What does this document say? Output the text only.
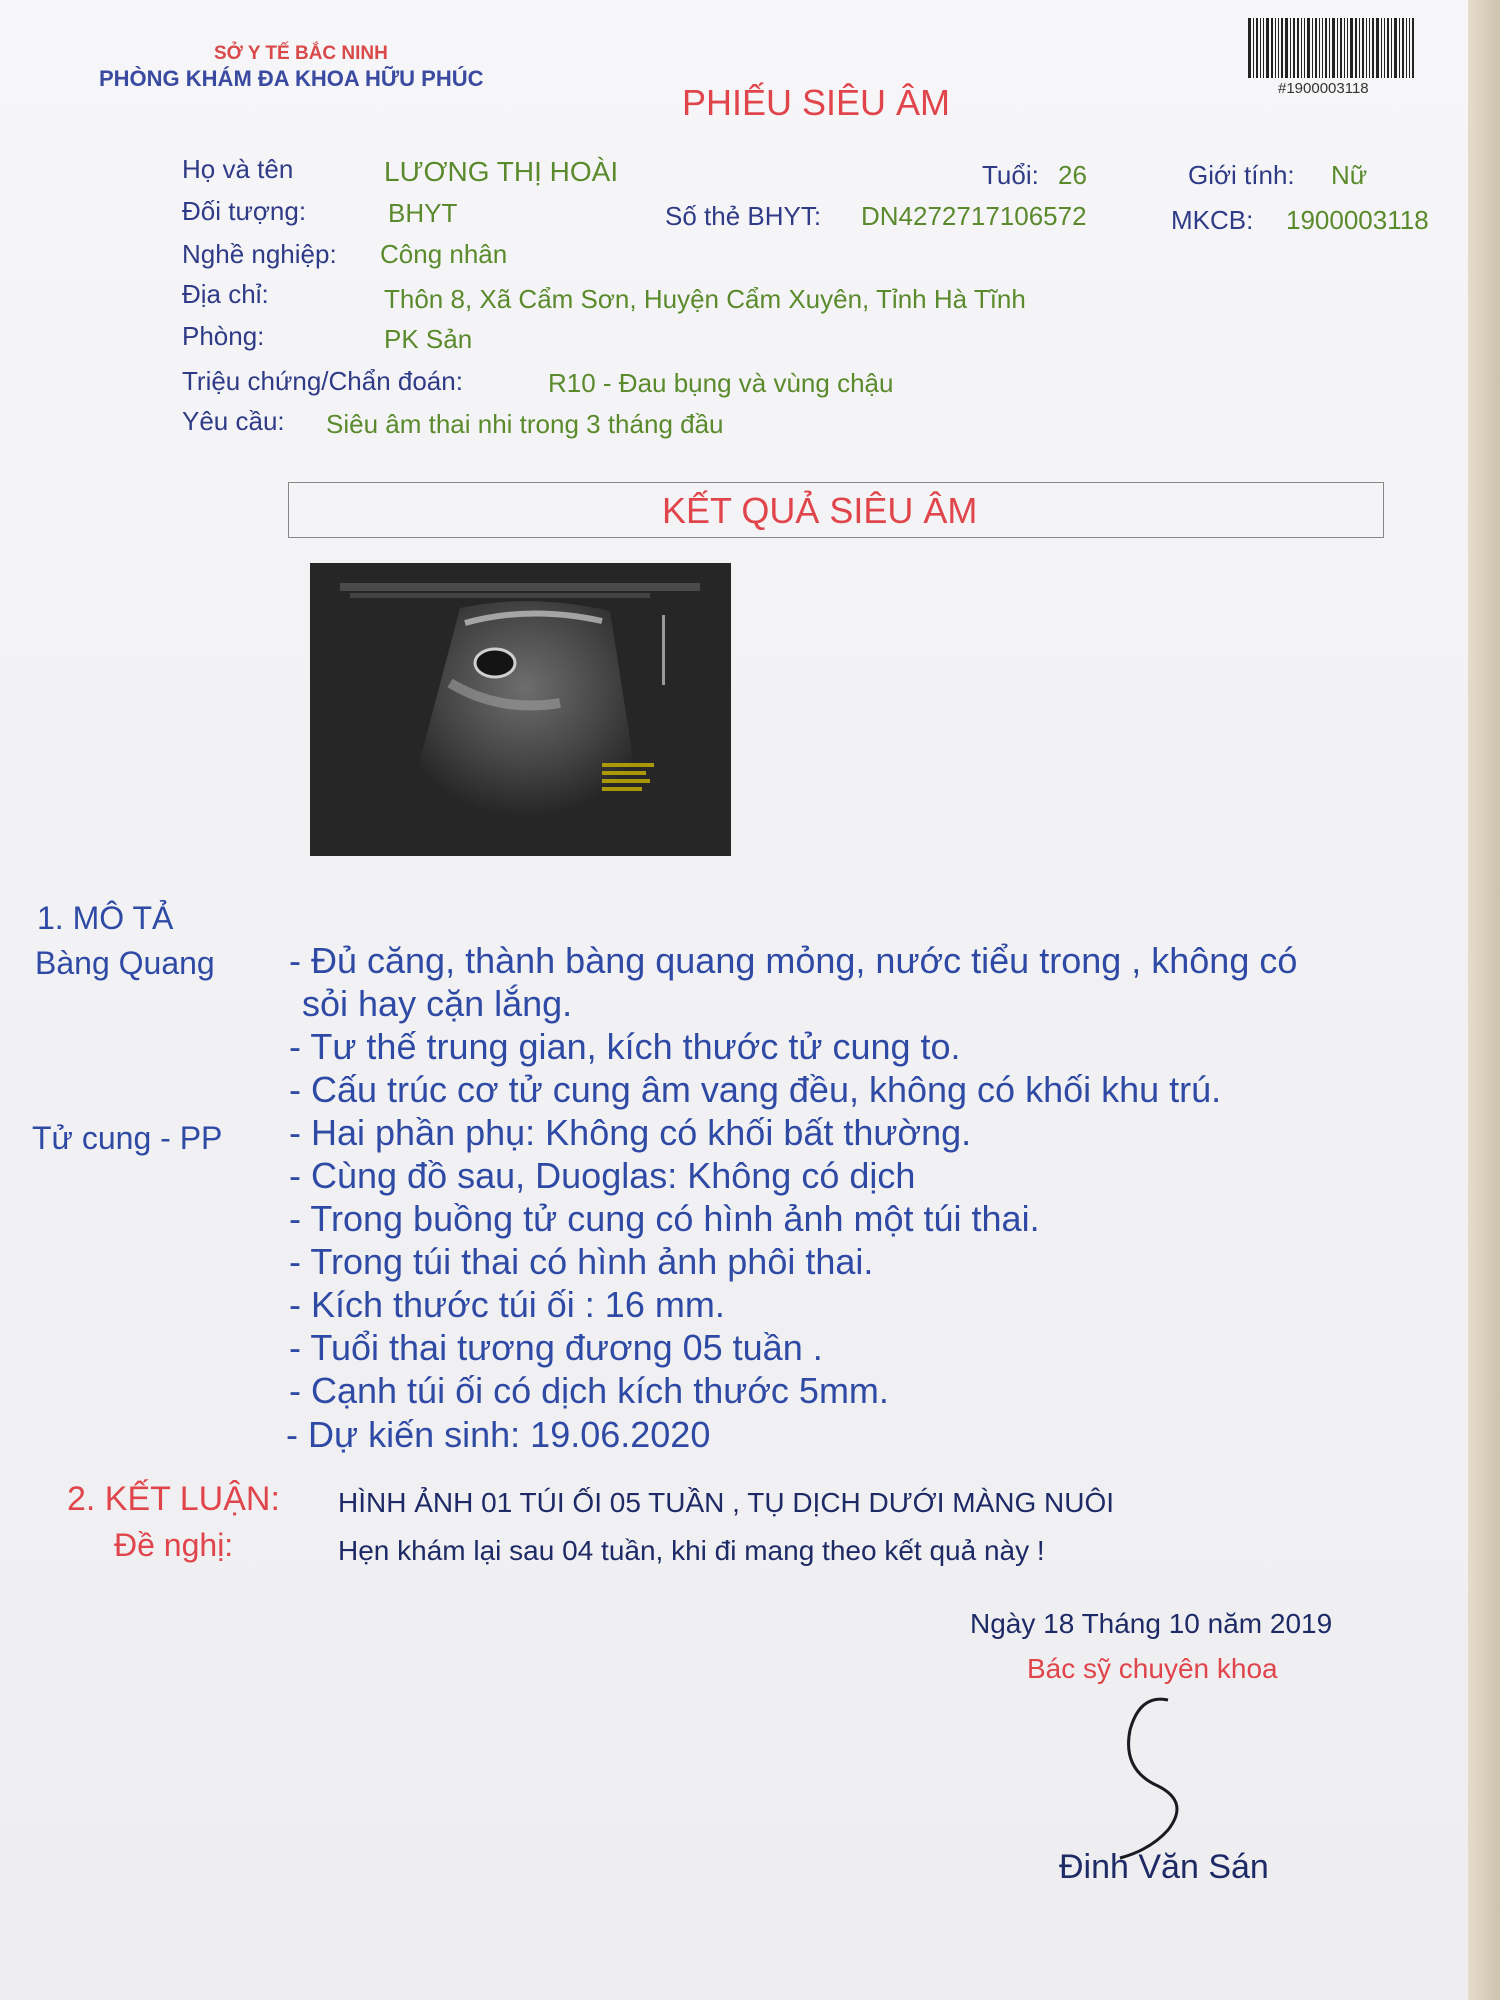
SỞ Y TẾ BẮC NINH
PHÒNG KHÁM ĐA KHOA HỮU PHÚC
PHIẾU SIÊU ÂM	#1900003118
Họ và tên	LƯƠNG THỊ HOÀI	Tuổi: 26	Giới tính: Nữ
Đối tượng:	BHYT	Số thẻ BHYT: DN4272717106572	MKCB: 1900003118
Nghề nghiệp: Công nhân
Địa chỉ:	Thôn 8, Xã Cẩm Sơn, Huyện Cẩm Xuyên, Tỉnh Hà Tĩnh
Phòng:	PK Sản
Triệu chứng/Chẩn đoán:	R10 - Đau bụng và vùng chậu
Yêu cầu: Siêu âm thai nhi trong 3 tháng đầu
KẾT QUẢ SIÊU ÂM
1. MÔ TẢ
Bàng Quang
Tử cung - PP
- Đủ căng, thành bàng quang mỏng, nước tiểu trong , không có
sỏi hay cặn lắng.
- Tư thế trung gian, kích thước tử cung to.
- Cấu trúc cơ tử cung âm vang đều, không có khối khu trú.
- Hai phần phụ: Không có khối bất thường.
- Cùng đồ sau, Duoglas: Không có dịch
- Trong buồng tử cung có hình ảnh một túi thai.
- Trong túi thai có hình ảnh phôi thai.
- Kích thước túi ối : 16 mm.
- Tuổi thai tương đương 05 tuần .
- Cạnh túi ối có dịch kích thước 5mm.
- Dự kiến sinh: 19.06.2020
2. KẾT LUẬN: HÌNH ẢNH 01 TÚI ỐI 05 TUẦN , TỤ DỊCH DƯỚI MÀNG NUÔI
Đề nghị:	Hẹn khám lại sau 04 tuần, khi đi mang theo kết quả này !
Ngày 18 Tháng 10 năm 2019
Bác sỹ chuyên khoa
Đinh Văn Sán
